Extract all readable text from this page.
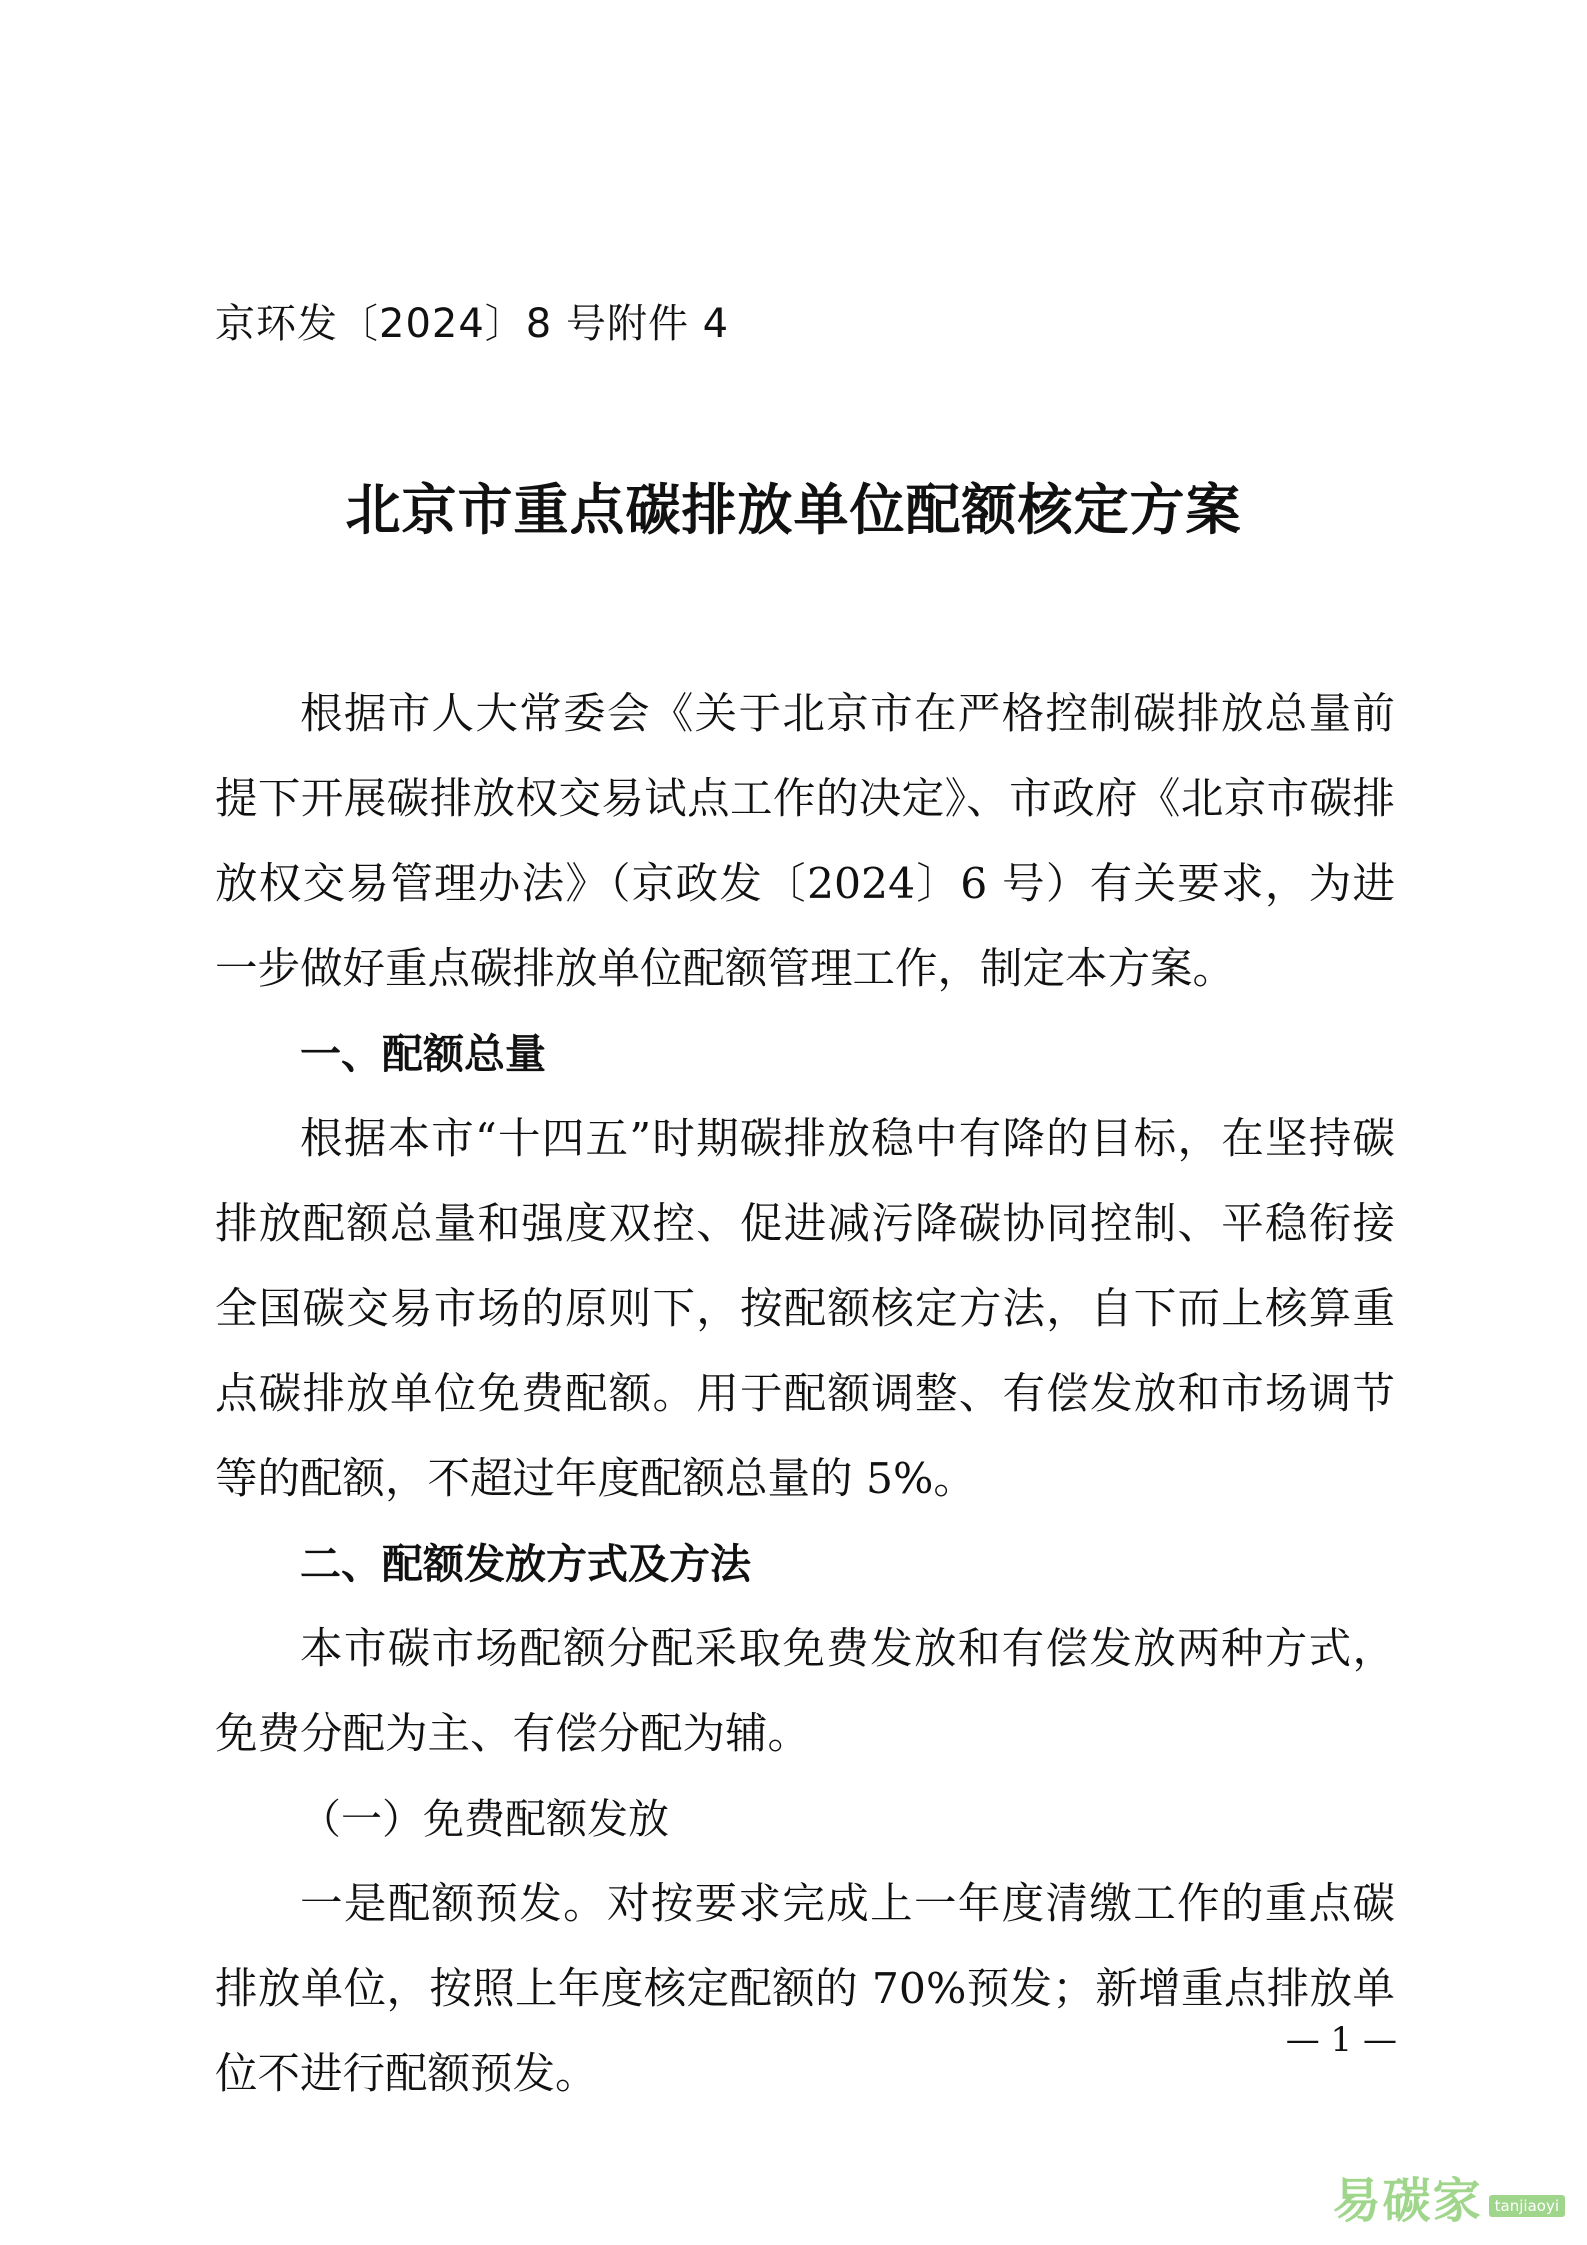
京环发〔2024〕8 号附件 4
北京市重点碳排放单位配额核定方案

根据市人大常委会《关于北京市在严格控制碳排放总量前提下开展碳排放权交易试点工作的决定》、市政府《北京市碳排放权交易管理办法》（京政发〔2024〕6 号）有关要求，为进一步做好重点碳排放单位配额管理工作，制定本方案。

一、配额总量

根据本市“十四五”时期碳排放稳中有降的目标，在坚持碳排放配额总量和强度双控、促进减污降碳协同控制、平稳衔接全国碳交易市场的原则下，按配额核定方法，自下而上核算重点碳排放单位免费配额。用于配额调整、有偿发放和市场调节等的配额，不超过年度配额总量的 5%。

二、配额发放方式及方法

本市碳市场配额分配采取免费发放和有偿发放两种方式，免费分配为主、有偿分配为辅。

（一）免费配额发放

一是配额预发。对按要求完成上一年度清缴工作的重点碳排放单位，按照上年度核定配额的 70%预发；新增重点排放单位不进行配额预发。

— 1 —
易碳家 tanjiaoyi
